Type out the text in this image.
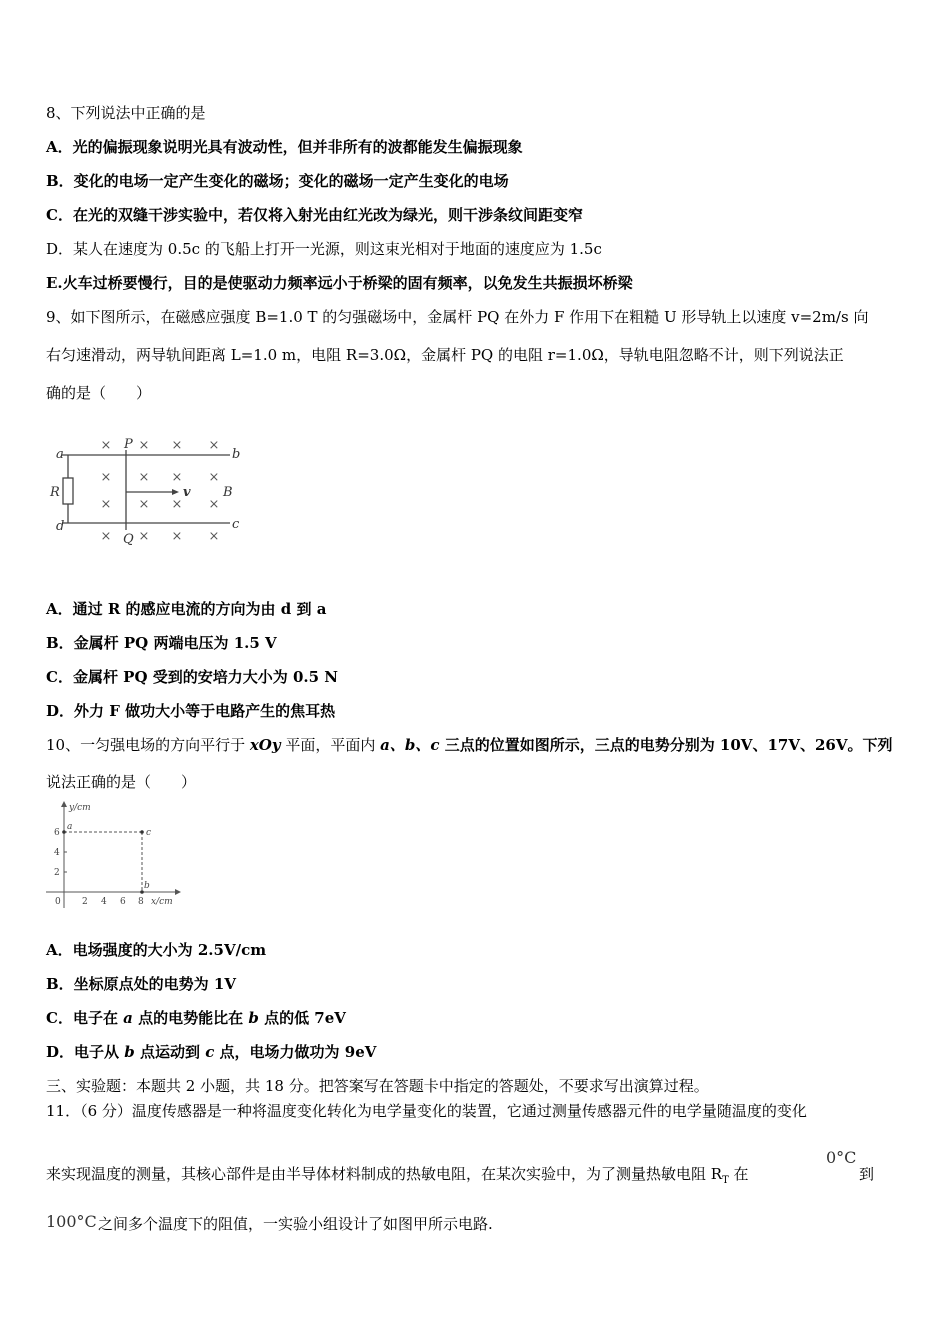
8、下列说法中正确的是
A．光的偏振现象说明光具有波动性，但并非所有的波都能发生偏振现象
B．变化的电场一定产生变化的磁场；变化的磁场一定产生变化的电场
C．在光的双缝干涉实验中，若仅将入射光由红光改为绿光，则干涉条纹间距变窄
D．某人在速度为 0.5c 的飞船上打开一光源，则这束光相对于地面的速度应为 1.5c
E.火车过桥要慢行，目的是使驱动力频率远小于桥梁的固有频率，以免发生共振损坏桥梁
9、如下图所示，在磁感应强度 B=1.0 T 的匀强磁场中，金属杆 PQ 在外力 F 作用下在粗糙 U 形导轨上以速度 v=2m/s 向
右匀速滑动，两导轨间距离 L=1.0 m，电阻 R=3.0Ω，金属杆 PQ 的电阻 r=1.0Ω，导轨电阻忽略不计，则下列说法正
确的是（　　）
a	b
c
d
P
Q
R	B
v
× × × ×
× × × ×
× × × ×
× × × ×
A．通过 R 的感应电流的方向为由 d 到 a
B．金属杆 PQ 两端电压为 1.5 V
C．金属杆 PQ 受到的安培力大小为 0.5 N
D．外力 F 做功大小等于电路产生的焦耳热
10、一匀强电场的方向平行于 xOy 平面，平面内 a、b、c 三点的位置如图所示，三点的电势分别为 10V、17V、26V。下列
说法正确的是（　　）
y/cm
x/cm
0
6
4
2
2 4 6 8
a
c
b
A．电场强度的大小为 2.5V/cm
B．坐标原点处的电势为 1V
C．电子在 a 点的电势能比在 b 点的低 7eV
D．电子从 b 点运动到 c 点，电场力做功为 9eV
三、实验题：本题共 2 小题，共 18 分。把答案写在答题卡中指定的答题处，不要求写出演算过程。
11．（6 分）温度传感器是一种将温度变化转化为电学量变化的装置，它通过测量传感器元件的电学量随温度的变化
来实现温度的测量，其核心部件是由半导体材料制成的热敏电阻，在某次实验中，为了测量热敏电阻 $R_T$ 在
0°C
到
100°C 之间多个温度下的阻值，一实验小组设计了如图甲所示电路.
